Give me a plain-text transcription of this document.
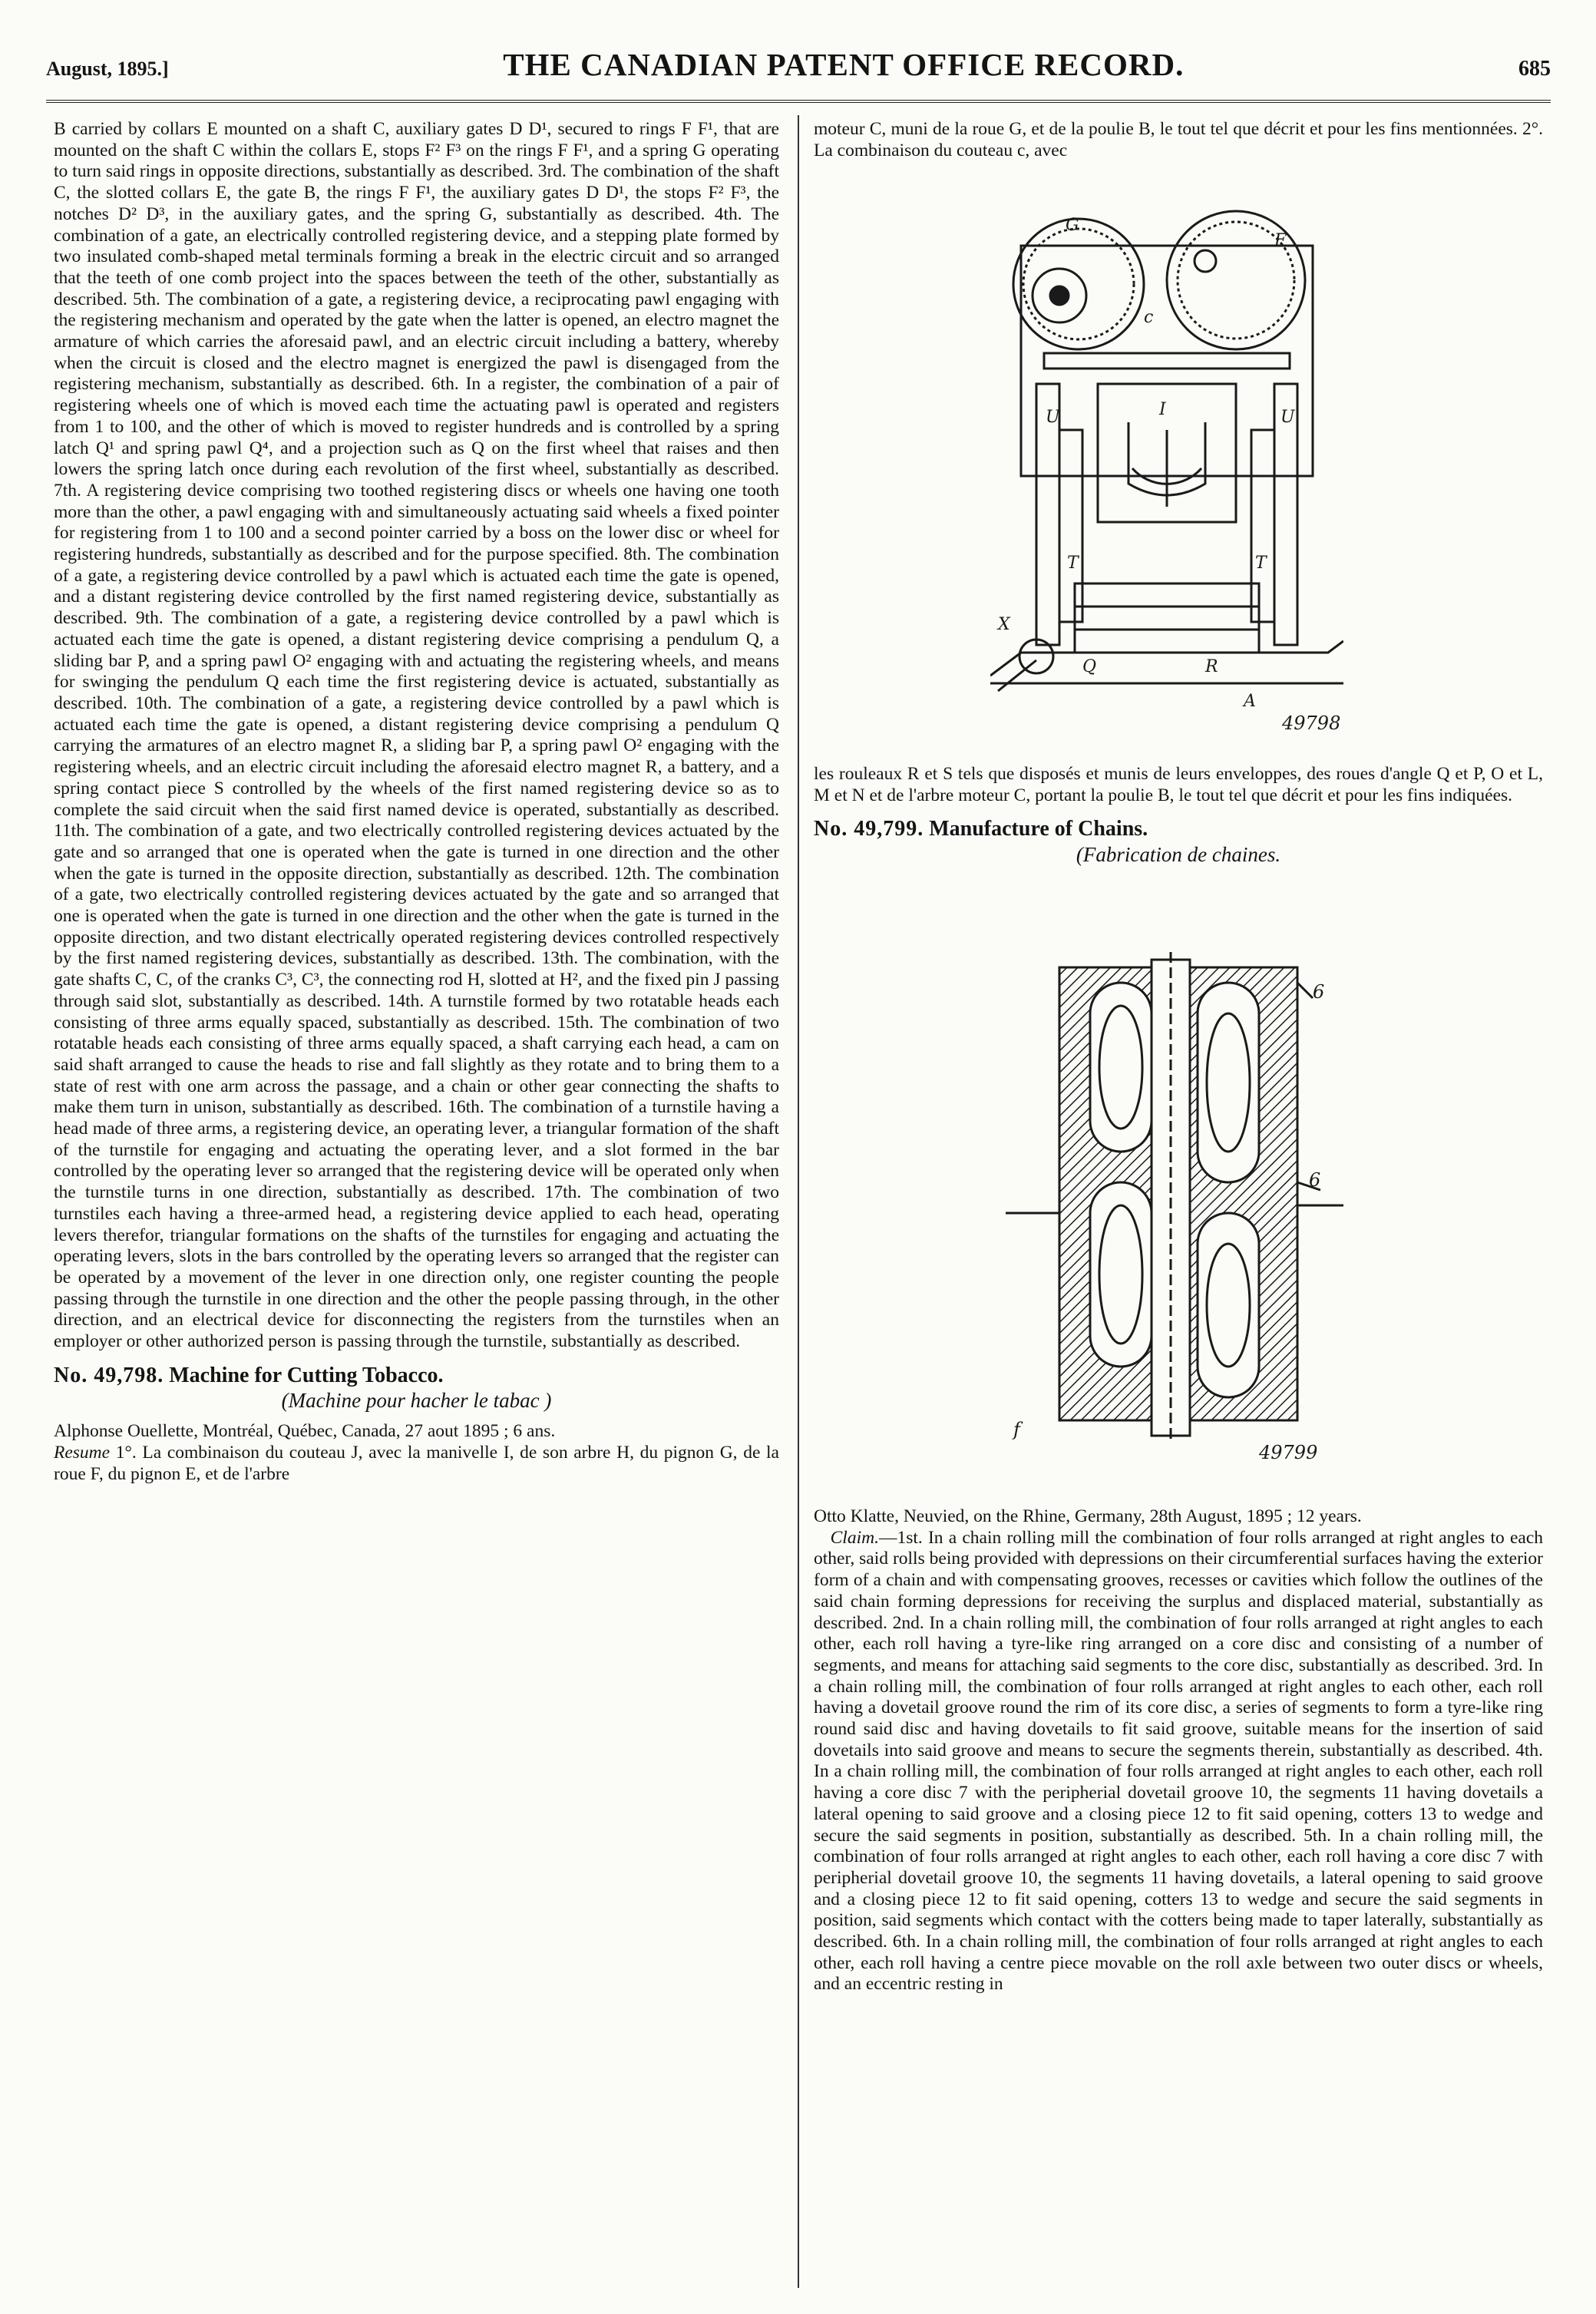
August, 1895.]	THE CANADIAN PATENT OFFICE RECORD.	685

B carried by collars E mounted on a shaft C, auxiliary gates D D¹, secured to rings F F¹, that are mounted on the shaft C within the collars E, stops F² F³ on the rings F F¹, and a spring G operating to turn said rings in opposite directions, substantially as described. 3rd. The combination of the shaft C, the slotted collars E, the gate B, the rings F F¹, the auxiliary gates D D¹, the stops F² F³, the notches D² D³, in the auxiliary gates, and the spring G, substantially as described. 4th. The combination of a gate, an electrically controlled registering device, and a stepping plate formed by two insulated comb-shaped metal terminals forming a break in the electric circuit and so arranged that the teeth of one comb project into the spaces between the teeth of the other, substantially as described. 5th. The combination of a gate, a registering device, a reciprocating pawl engaging with the registering mechanism and operated by the gate when the latter is opened, an electro magnet the armature of which carries the aforesaid pawl, and an electric circuit including a battery, whereby when the circuit is closed and the electro magnet is energized the pawl is disengaged from the registering mechanism, substantially as described. 6th. In a register, the combination of a pair of registering wheels one of which is moved each time the actuating pawl is operated and registers from 1 to 100, and the other of which is moved to register hundreds and is controlled by a spring latch Q¹ and spring pawl Q⁴, and a projection such as Q on the first wheel that raises and then lowers the spring latch once during each revolution of the first wheel, substantially as described. 7th. A registering device comprising two toothed registering discs or wheels one having one tooth more than the other, a pawl engaging with and simultaneously actuating said wheels a fixed pointer for registering from 1 to 100 and a second pointer carried by a boss on the lower disc or wheel for registering hundreds, substantially as described and for the purpose specified. 8th. The combination of a gate, a registering device controlled by a pawl which is actuated each time the gate is opened, and a distant registering device controlled by the first named registering device, substantially as described. 9th. The combination of a gate, a registering device controlled by a pawl which is actuated each time the gate is opened, a distant registering device comprising a pendulum Q, a sliding bar P, and a spring pawl O² engaging with and actuating the registering wheels, and means for swinging the pendulum Q each time the first registering device is actuated, substantially as described. 10th. The combination of a gate, a registering device controlled by a pawl which is actuated each time the gate is opened, a distant registering device comprising a pendulum Q carrying the armatures of an electro magnet R, a sliding bar P, a spring pawl O² engaging with the registering wheels, and an electric circuit including the aforesaid electro magnet R, a battery, and a spring contact piece S controlled by the wheels of the first named registering device so as to complete the said circuit when the said first named device is operated, substantially as described. 11th. The combination of a gate, and two electrically controlled registering devices actuated by the gate and so arranged that one is operated when the gate is turned in one direction and the other when the gate is turned in the opposite direction, substantially as described. 12th. The combination of a gate, two electrically controlled registering devices actuated by the gate and so arranged that one is operated when the gate is turned in one direction and the other when the gate is turned in the opposite direction, and two distant electrically operated registering devices controlled respectively by the first named registering devices, substantially as described. 13th. The combination, with the gate shafts C, C, of the cranks C³, C³, the connecting rod H, slotted at H², and the fixed pin J passing through said slot, substantially as described. 14th. A turnstile formed by two rotatable heads each consisting of three arms equally spaced, substantially as described. 15th. The combination of two rotatable heads each consisting of three arms equally spaced, a shaft carrying each head, a cam on said shaft arranged to cause the heads to rise and fall slightly as they rotate and to bring them to a state of rest with one arm across the passage, and a chain or other gear connecting the shafts to make them turn in unison, substantially as described. 16th. The combination of a turnstile having a head made of three arms, a registering device, an operating lever, a triangular formation of the shaft of the turnstile for engaging and actuating the operating lever, and a slot formed in the bar controlled by the operating lever so arranged that the registering device will be operated only when the turnstile turns in one direction, substantially as described. 17th. The combination of two turnstiles each having a three-armed head, a registering device applied to each head, operating levers therefor, triangular formations on the shafts of the turnstiles for engaging and actuating the operating levers, slots in the bars controlled by the operating levers so arranged that the register can be operated by a movement of the lever in one direction only, one register counting the people passing through the turnstile in one direction and the other the people passing through, in the other direction, and an electrical device for disconnecting the registers from the turnstiles when an employer or other authorized person is passing through the turnstile, substantially as described.

No. 49,798. Machine for Cutting Tobacco.
(Machine pour hacher le tabac )

Alphonse Ouellette, Montréal, Québec, Canada, 27 aout 1895 ; 6 ans.

Resume 1°. La combinaison du couteau J, avec la manivelle I, de son arbre H, du pignon G, de la roue F, du pignon E, et de l'arbre

moteur C, muni de la roue G, et de la poulie B, le tout tel que décrit et pour les fins mentionnées. 2°. La combinaison du couteau c, avec

G
F
c
I
U	U
T	T
X
Q	R
A
49798

les rouleaux R et S tels que disposés et munis de leurs enveloppes, des roues d'angle Q et P, O et L, M et N et de l'arbre moteur C, portant la poulie B, le tout tel que décrit et pour les fins indiquées.

No. 49,799. Manufacture of Chains.
(Fabrication de chaines.
6
6
f
49799

Otto Klatte, Neuvied, on the Rhine, Germany, 28th August, 1895 ; 12 years.

Claim.—1st. In a chain rolling mill the combination of four rolls arranged at right angles to each other, said rolls being provided with depressions on their circumferential surfaces having the exterior form of a chain and with compensating grooves, recesses or cavities which follow the outlines of the said chain forming depressions for receiving the surplus and displaced material, substantially as described. 2nd. In a chain rolling mill, the combination of four rolls arranged at right angles to each other, each roll having a tyre-like ring arranged on a core disc and consisting of a number of segments, and means for attaching said segments to the core disc, substantially as described. 3rd. In a chain rolling mill, the combination of four rolls arranged at right angles to each other, each roll having a dovetail groove round the rim of its core disc, a series of segments to form a tyre-like ring round said disc and having dovetails to fit said groove, suitable means for the insertion of said dovetails into said groove and means to secure the segments therein, substantially as described. 4th. In a chain rolling mill, the combination of four rolls arranged at right angles to each other, each roll having a core disc 7 with the peripherial dovetail groove 10, the segments 11 having dovetails a lateral opening to said groove and a closing piece 12 to fit said opening, cotters 13 to wedge and secure the said segments in position, substantially as described. 5th. In a chain rolling mill, the combination of four rolls arranged at right angles to each other, each roll having a core disc 7 with peripherial dovetail groove 10, the segments 11 having dovetails, a lateral opening to said groove and a closing piece 12 to fit said opening, cotters 13 to wedge and secure the said segments in position, said segments which contact with the cotters being made to taper laterally, substantially as described. 6th. In a chain rolling mill, the combination of four rolls arranged at right angles to each other, each roll having a centre piece movable on the roll axle between two outer discs or wheels, and an eccentric resting in
